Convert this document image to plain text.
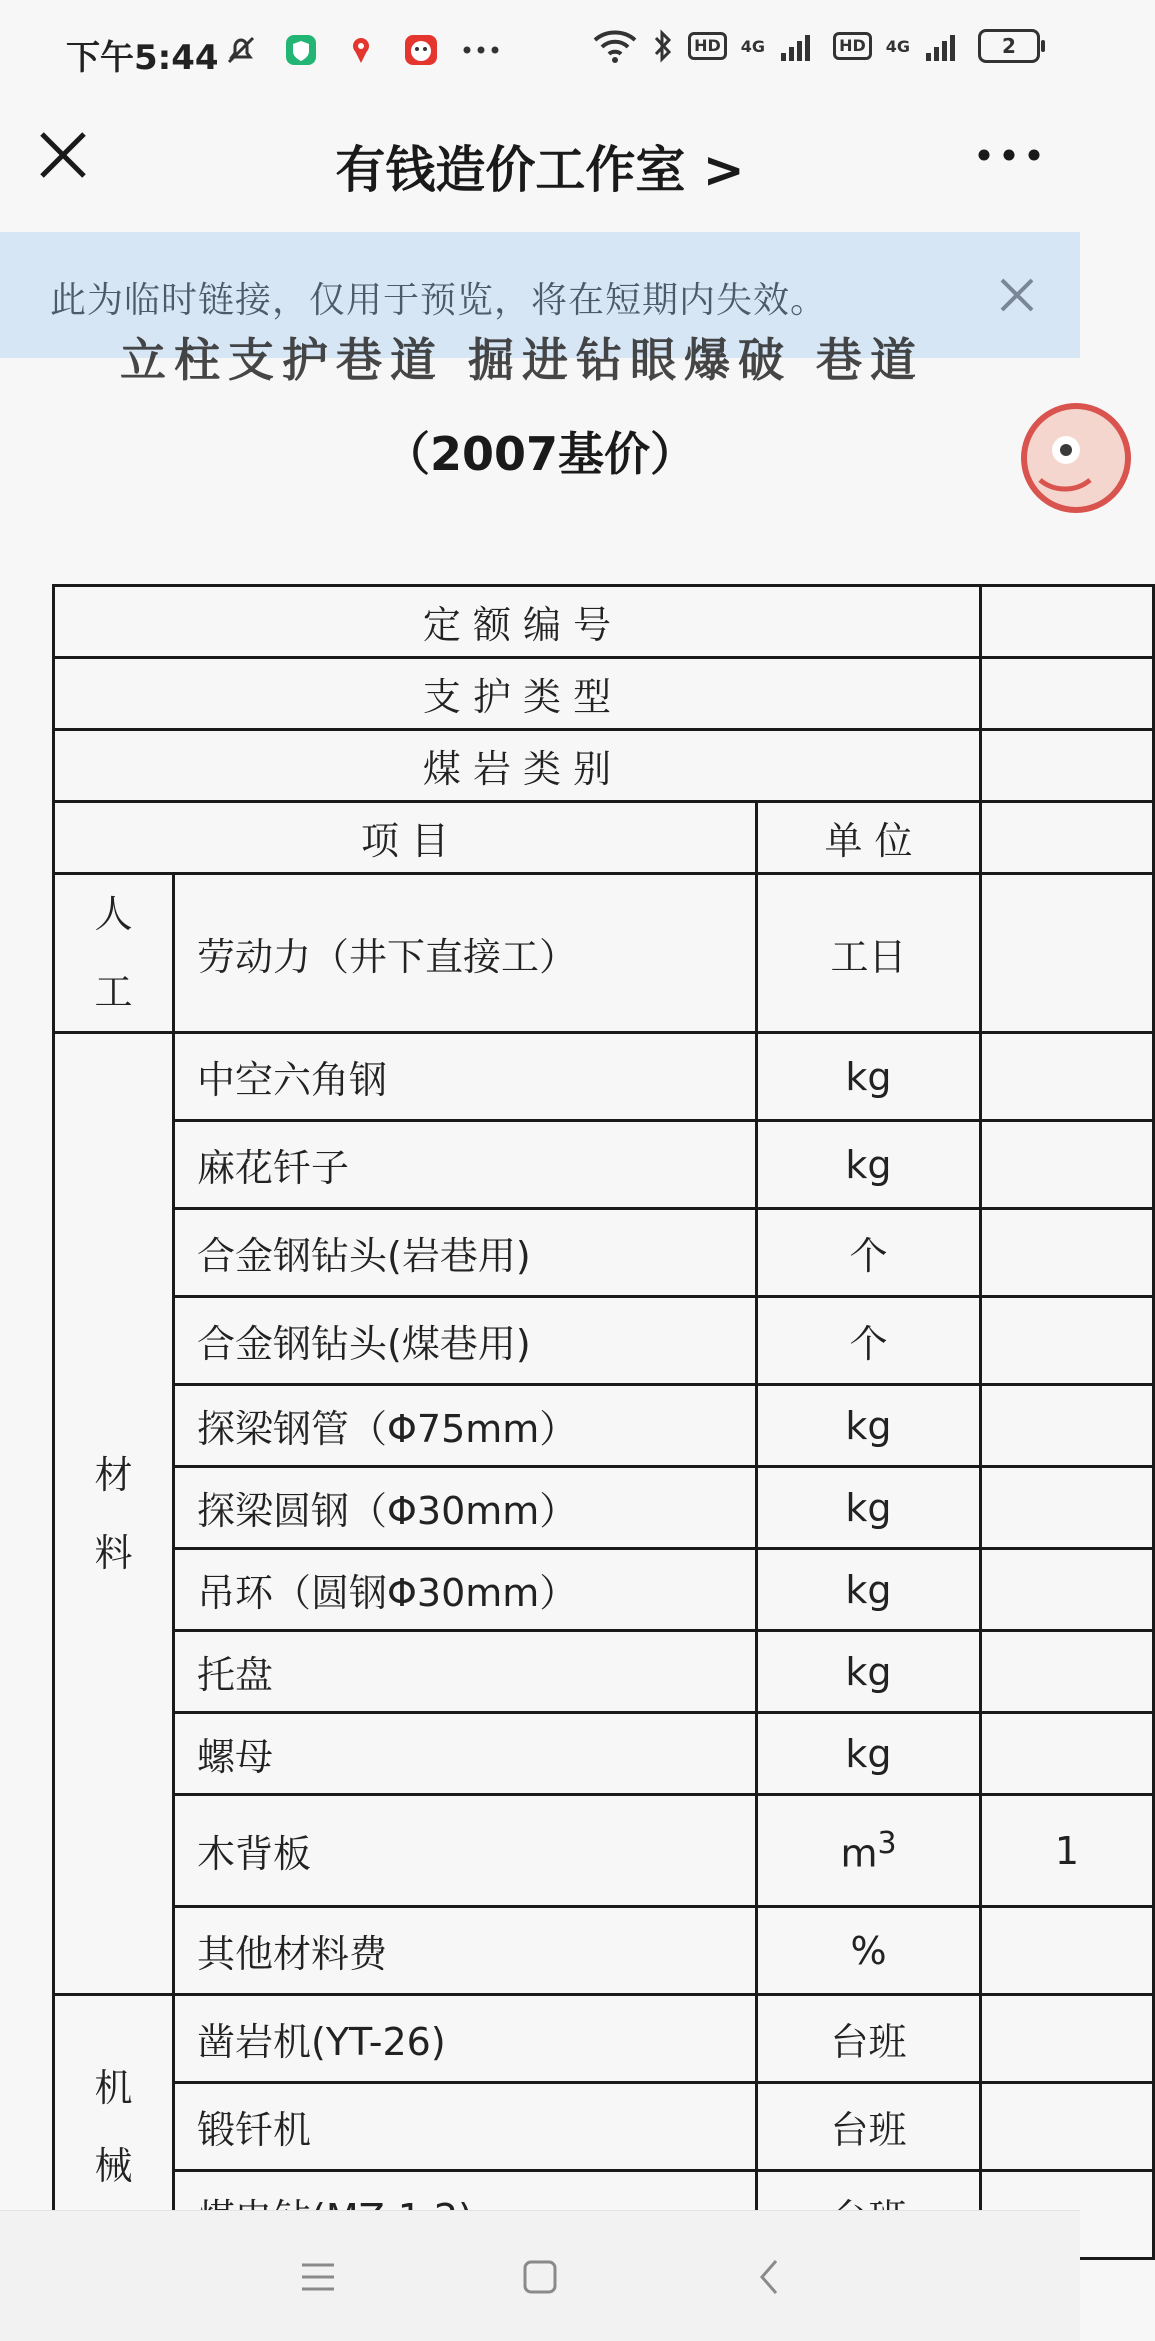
下午5:44	HD	4G	HD	4G	2
有钱造价工作室 >
此为临时链接，仅用于预览，将在短期内失效。
立柱支护巷道 掘进钻眼爆破 巷道
（2007基价）
定 额 编 号			
支 护 类 型			
煤 岩 类 别			
项 目		单 位	

人
工	劳动力（井下直接工）	工日	

材
料	中空六角钢	kg	
	麻花钎子	kg	
	合金钢钻头(岩巷用)	个	
	合金钢钻头(煤巷用)	个	
	探梁钢管（Φ75mm）	kg	
	探梁圆钢（Φ30mm）	kg	
	吊环（圆钢Φ30mm）	kg	
	托盘	kg	
	螺母	kg	
	木背板	$m^3$	1
	其他材料费	%	

机
械	凿岩机(YT-26)	台班	
	锻钎机	台班	
